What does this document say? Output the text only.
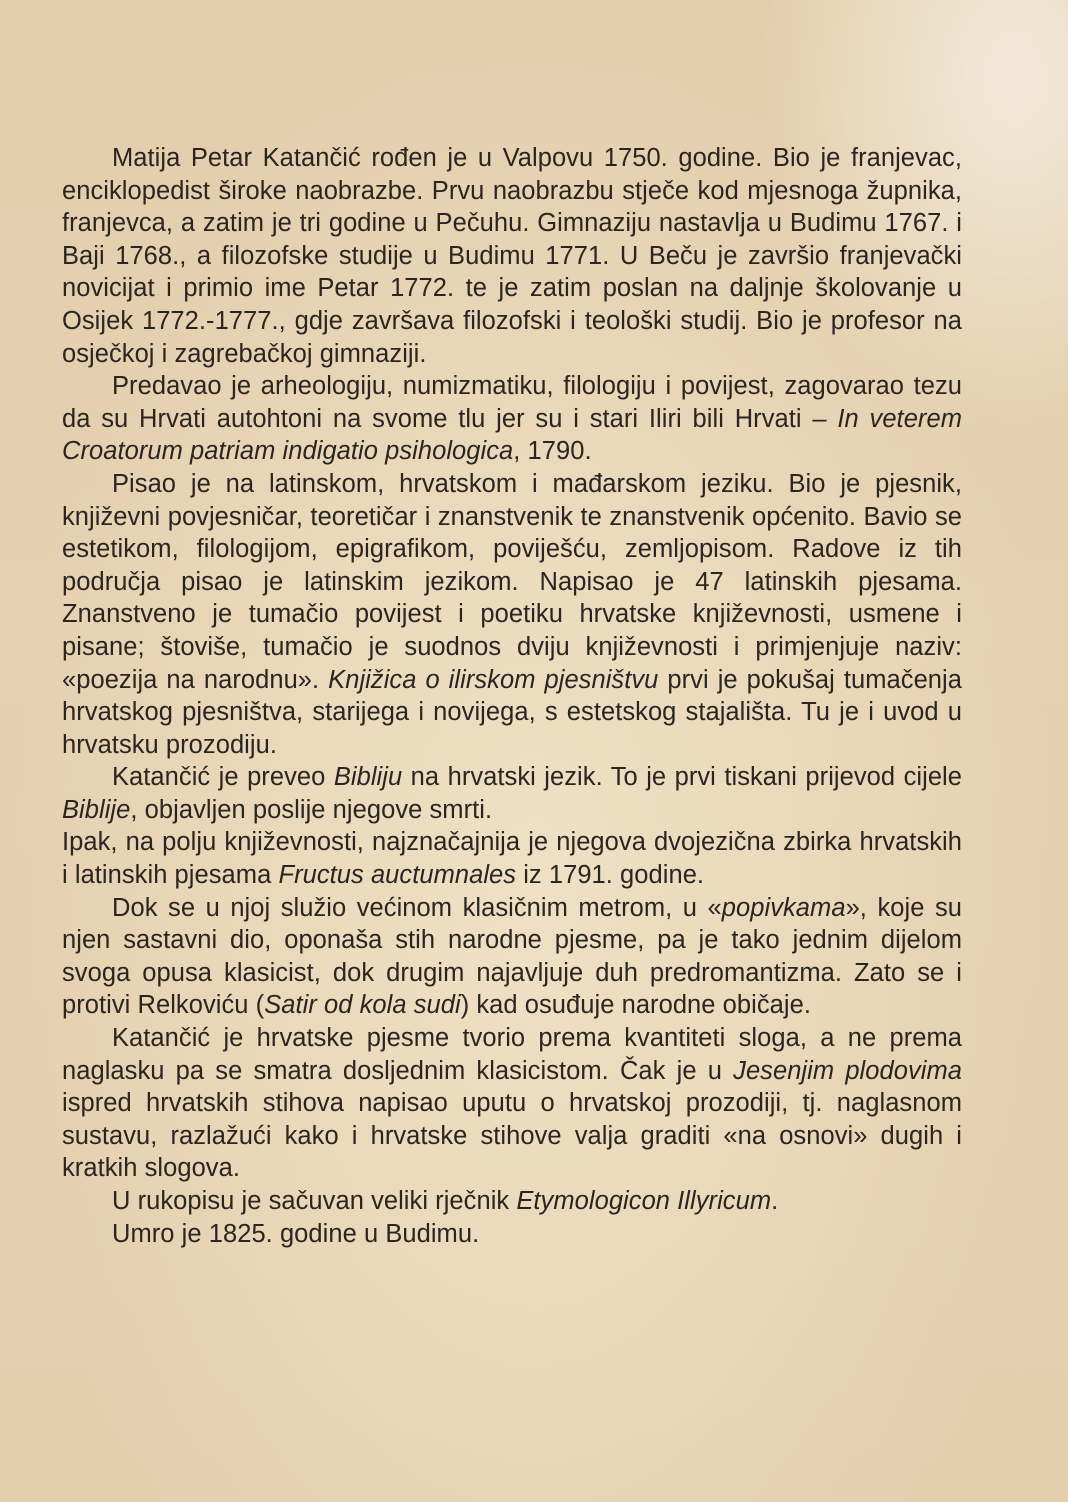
Matija Petar Katančić rođen je u Valpovu 1750. godine. Bio je franjevac, enciklopedist široke naobrazbe. Prvu naobrazbu stječe kod mjesnoga župnika, franjevca, a zatim je tri godine u Pečuhu. Gimnaziju nastavlja u Budimu 1767. i Baji 1768., a filozofske studije u Budimu 1771. U Beču je završio franjevački novicijat i primio ime Petar 1772. te je zatim poslan na daljnje školovanje u Osijek 1772.-1777., gdje završava filozofski i teološki studij. Bio je profesor na osječkoj i zagrebačkoj gimnaziji.

Predavao je arheologiju, numizmatiku, filologiju i povijest, zagovarao tezu da su Hrvati autohtoni na svome tlu jer su i stari Iliri bili Hrvati – In veterem Croatorum patriam indigatio psihologica, 1790.

Pisao je na latinskom, hrvatskom i mađarskom jeziku. Bio je pjesnik, književni povjesničar, teoretičar i znanstvenik te znanstvenik općenito. Bavio se estetikom, filologijom, epigrafikom, poviješću, zemljopisom. Radove iz tih područja pisao je latinskim jezikom. Napisao je 47 latinskih pjesama. Znanstveno je tumačio povijest i poetiku hrvatske književnosti, usmene i pisane; štoviše, tumačio je suodnos dviju književnosti i primjenjuje naziv: «poezija na narodnu». Knjižica o ilirskom pjesništvu prvi je pokušaj tumačenja hrvatskog pjesništva, starijega i novijega, s estetskog stajališta. Tu je i uvod u hrvatsku prozodiju.

Katančić je preveo Bibliju na hrvatski jezik. To je prvi tiskani prijevod cijele Biblije, objavljen poslije njegove smrti.

Ipak, na polju književnosti, najznačajnija je njegova dvojezična zbirka hrvatskih i latinskih pjesama Fructus auctumnales iz 1791. godine.

Dok se u njoj služio većinom klasičnim metrom, u «popivkama», koje su njen sastavni dio, oponaša stih narodne pjesme, pa je tako jednim dijelom svoga opusa klasicist, dok drugim najavljuje duh predromantizma. Zato se i protivi Relkoviću (Satir od kola sudi) kad osuđuje narodne običaje.

Katančić je hrvatske pjesme tvorio prema kvantiteti sloga, a ne prema naglasku pa se smatra dosljednim klasicistom. Čak je u Jesenjim plodovima ispred hrvatskih stihova napisao uputu o hrvatskoj prozodiji, tj. naglasnom sustavu, razlažući kako i hrvatske stihove valja graditi «na osnovi» dugih i kratkih slogova.

U rukopisu je sačuvan veliki rječnik Etymologicon Illyricum.

Umro je 1825. godine u Budimu.
